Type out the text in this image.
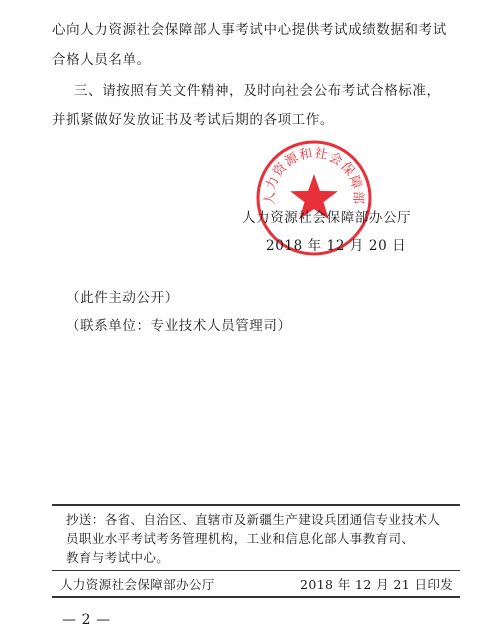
心向人力资源社会保障部人事考试中心提供考试成绩数据和考试
合格人员名单。
三、请按照有关文件精神，及时向社会公布考试合格标准，
并抓紧做好发放证书及考试后期的各项工作。
人力资源和社会保障部
人力资源社会保障部办公厅
2018 年 12 月 20 日
（此件主动公开）
（联系单位：专业技术人员管理司）
抄送：各省、自治区、直辖市及新疆生产建设兵团通信专业技术人
员职业水平考试考务管理机构，工业和信息化部人事教育司、
教育与考试中心。
人力资源社会保障部办公厅	2018 年 12 月 21 日印发
— 2 —
